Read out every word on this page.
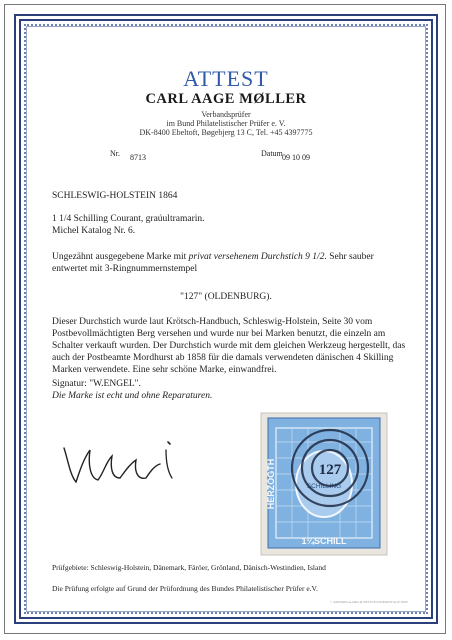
ATTEST
CARL AAGE MØLLER
Verbandsprüfer
im Bund Philatelistischer Prüfer e. V.
DK-8400 Ebeltoft, Bøgebjerg 13 C, Tel. +45 4397775
Nr. 8713	Datum 09 10 09
SCHLESWIG-HOLSTEIN 1864
1 1/4 Schilling Courant, graúultramarin.
Michel Katalog Nr. 6.
Ungezähnt ausgegebene Marke mit privat versehenem Durchstich 9 1/2. Sehr sauber entwertet mit 3-Ringnummernstempel
"127" (OLDENBURG).
Dieser Durchstich wurde laut Krötsch-Handbuch, Schleswig-Holstein, Seite 30 vom Postbevollmächtigten Berg versehen und wurde nur bei Marken benutzt, die einzeln am Schalter verkauft wurden. Der Durchstich wurde mit dem gleichen Werkzeug hergestellt, das auch der Postbeamte Mordhurst ab 1858 für die damals verwendeten dänischen 4 Skilling Marken verwendete. Eine sehr schöne Marke, einwandfrei.
Signatur: "W.ENGEL".
Die Marke ist echt und ohne Reparaturen.
SCHILLING
HERZOGTH
1¼SCHILL
127
Prüfgebiete: Schleswig-Holstein, Dänemark, Färöer, Grönland, Dänisch-Westindien, Island
Die Prüfung erfolgte auf Grund der Prüfordnung des Bundes Philatelistischer Prüfer e.V.
© KIERKEGAARD & BECH FOTOMONTAGE 2009
